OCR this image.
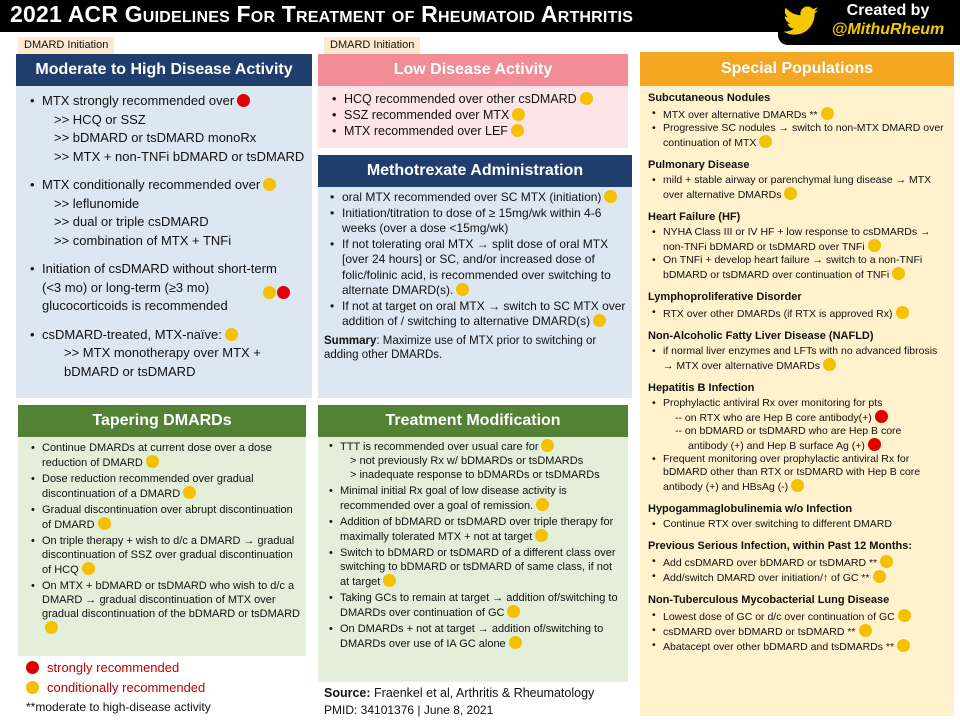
2021 ACR Guidelines For Treatment of Rheumatoid Arthritis	Created by
@MithuRheum
DMARD Initiation
Moderate to High Disease Activity
• MTX strongly recommended over
>> HCQ or SSZ
>> bDMARD or tsDMARD monoRx
>> MTX + non-TNFi bDMARD or tsDMARD
• MTX conditionally recommended over
>> leflunomide
>> dual or triple csDMARD
>> combination of MTX + TNFi
• Initiation of csDMARD without short-term (<3 mo) or long-term (≥3 mo) glucocorticoids is recommended
• csDMARD-treated, MTX-naïve:
>> MTX monotherapy over MTX + bDMARD or tsDMARD
DMARD Initiation
Low Disease Activity
• HCQ recommended over other csDMARD
• SSZ recommended over MTX
• MTX recommended over LEF
Methotrexate Administration
• oral MTX recommended over SC MTX (initiation)
• Initiation/titration to dose of ≥ 15mg/wk within 4-6 weeks (over a dose <15mg/wk)
• If not tolerating oral MTX → split dose of oral MTX [over 24 hours] or SC, and/or increased dose of folic/folinic acid, is recommended over switching to alternate DMARD(s).
• If not at target on oral MTX → switch to SC MTX over addition of / switching to alternative DMARD(s)
Summary: Maximize use of MTX prior to switching or adding other DMARDs.
Tapering DMARDs
• Continue DMARDs at current dose over a dose reduction of DMARD
• Dose reduction recommended over gradual discontinuation of a DMARD
• Gradual discontinuation over abrupt discontinuation of DMARD
• On triple therapy + wish to d/c a DMARD → gradual discontinuation of SSZ over gradual discontinuation of HCQ
• On MTX + bDMARD or tsDMARD who wish to d/c a DMARD → gradual discontinuation of MTX over gradual discontinuation of the bDMARD or tsDMARD
strongly recommended
conditionally recommended
**moderate to high-disease activity
Treatment Modification
• TTT is recommended over usual care for
> not previously Rx w/ bDMARDs or tsDMARDs
> inadequate response to bDMARDs or tsDMARDs
• Minimal initial Rx goal of low disease activity is recommended over a goal of remission.
• Addition of bDMARD or tsDMARD over triple therapy for maximally tolerated MTX + not at target
• Switch to bDMARD or tsDMARD of a different class over switching to bDMARD or tsDMARD of same class, if not at target
• Taking GCs to remain at target → addition of/switching to DMARDs over continuation of GC
• On DMARDs + not at target → addition of/switching to DMARDs over use of IA GC alone
Source: Fraenkel et al, Arthritis & Rheumatology
PMID: 34101376 | June 8, 2021
Special Populations
Subcutaneous Nodules
• MTX over alternative DMARDs **
• Progressive SC nodules → switch to non-MTX DMARD over continuation of MTX
Pulmonary Disease
• mild + stable airway or parenchymal lung disease → MTX over alternative DMARDs
Heart Failure (HF)
• NYHA Class III or IV HF + low response to csDMARDs → non-TNFi bDMARD or tsDMARD over TNFi
• On TNFi + develop heart failure → switch to a non-TNFi bDMARD or tsDMARD over continuation of TNFi
Lymphoproliferative Disorder
• RTX over other DMARDs (if RTX is approved Rx)
Non-Alcoholic Fatty Liver Disease (NAFLD)
• if normal liver enzymes and LFTs with no advanced fibrosis → MTX over alternative DMARDs
Hepatitis B Infection
• Prophylactic antiviral Rx over monitoring for pts
-- on RTX who are Hep B core antibody(+)
-- on bDMARD or tsDMARD who are Hep B core
antibody (+) and Hep B surface Ag (+)
• Frequent monitoring over prophylactic antiviral Rx for bDMARD other than RTX or tsDMARD with Hep B core antibody (+) and HBsAg (-)
Hypogammaglobulinemia w/o Infection
• Continue RTX over switching to different DMARD
Previous Serious Infection, within Past 12 Months:
• Add csDMARD over bDMARD or tsDMARD **
• Add/switch DMARD over initiation/↑ of GC **
Non-Tuberculous Mycobacterial Lung Disease
• Lowest dose of GC or d/c over continuation of GC
• csDMARD over bDMARD or tsDMARD **
• Abatacept over other bDMARD and tsDMARDs **
